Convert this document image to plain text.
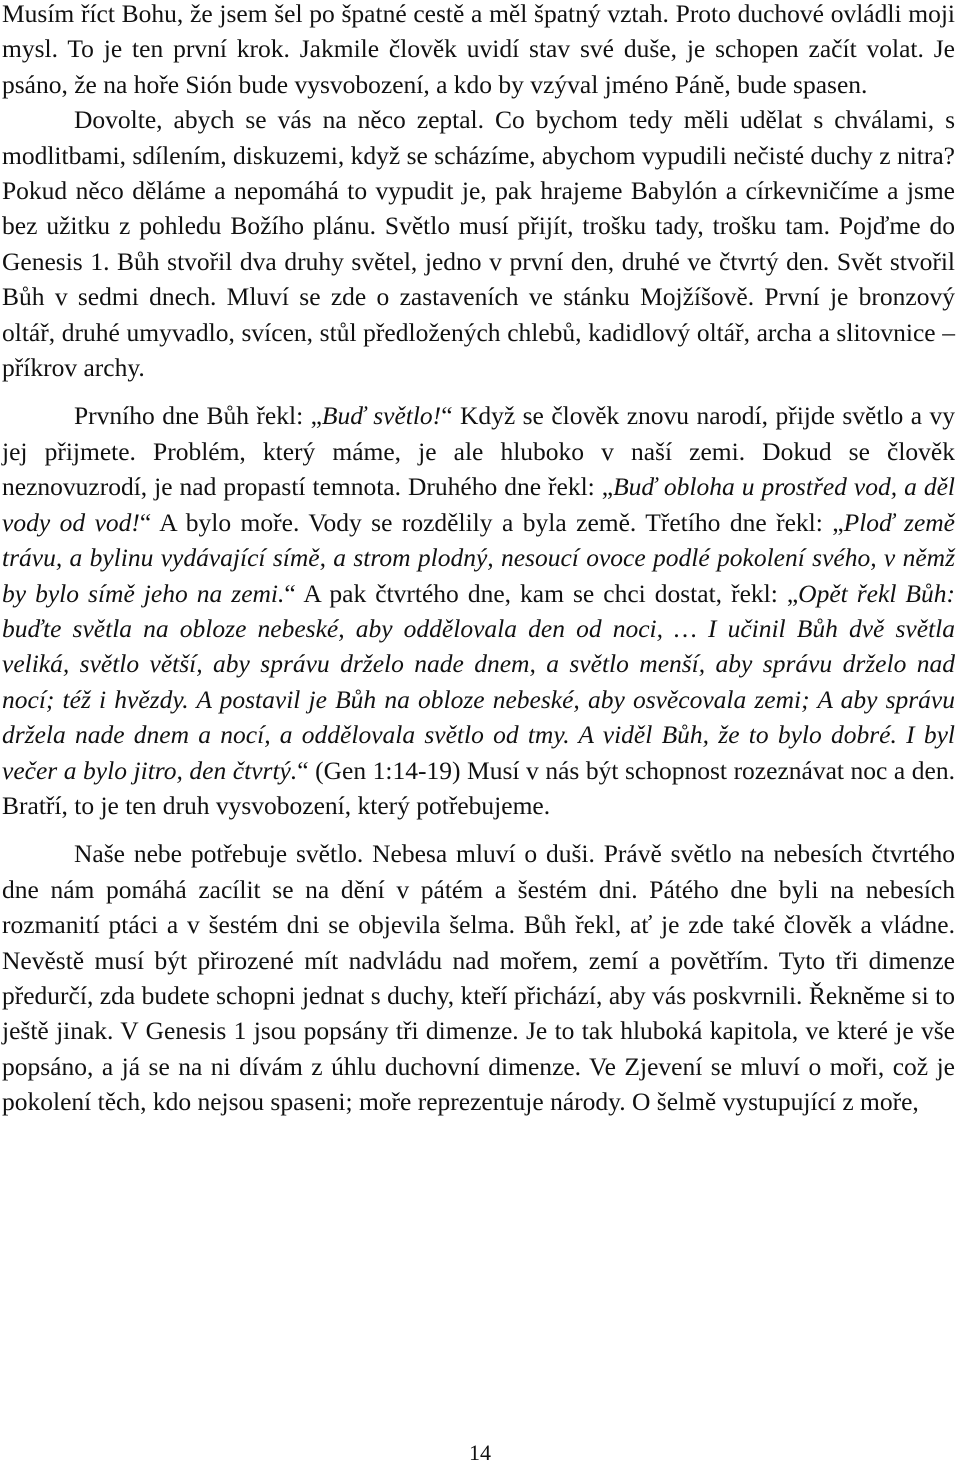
Musím říct Bohu, že jsem šel po špatné cestě a měl špatný vztah. Proto duchové ovládli moji mysl. To je ten první krok. Jakmile člověk uvidí stav své duše, je schopen začít volat. Je psáno, že na hoře Sión bude vysvobození, a kdo by vzýval jméno Páně, bude spasen.

Dovolte, abych se vás na něco zeptal. Co bychom tedy měli udělat s chválami, s modlitbami, sdílením, diskuzemi, když se scházíme, abychom vypudili nečisté duchy z nitra? Pokud něco děláme a nepomáhá to vypudit je, pak hrajeme Babylón a církevničíme a jsme bez užitku z pohledu Božího plánu. Světlo musí přijít, trošku tady, trošku tam. Pojďme do Genesis 1. Bůh stvořil dva druhy světel, jedno v první den, druhé ve čtvrtý den. Svět stvořil Bůh v sedmi dnech. Mluví se zde o zastaveních ve stánku Mojžíšově. První je bronzový oltář, druhé umyvadlo, svícen, stůl předložených chlebů, kadidlový oltář, archa a slitovnice – příkrov archy.

Prvního dne Bůh řekl: „Buď světlo!“ Když se člověk znovu narodí, přijde světlo a vy jej přijmete. Problém, který máme, je ale hluboko v naší zemi. Dokud se člověk neznovuzrodí, je nad propastí temnota. Druhého dne řekl: „Buď obloha u prostřed vod, a děl vody od vod!“ A bylo moře. Vody se rozdělily a byla země. Třetího dne řekl: „Ploď země trávu, a bylinu vydávající símě, a strom plodný, nesoucí ovoce podlé pokolení svého, v němž by bylo símě jeho na zemi.“ A pak čtvrtého dne, kam se chci dostat, řekl: „Opět řekl Bůh: buďte světla na obloze nebeské, aby oddělovala den od noci, … I učinil Bůh dvě světla veliká, světlo větší, aby správu drželo nade dnem, a světlo menší, aby správu drželo nad nocí; též i hvězdy. A postavil je Bůh na obloze nebeské, aby osvěcovala zemi; A aby správu držela nade dnem a nocí, a oddělovala světlo od tmy. A viděl Bůh, že to bylo dobré. I byl večer a bylo jitro, den čtvrtý.“ (Gen 1:14-19) Musí v nás být schopnost rozeznávat noc a den. Bratří, to je ten druh vysvobození, který potřebujeme.

Naše nebe potřebuje světlo. Nebesa mluví o duši. Právě světlo na nebesích čtvrtého dne nám pomáhá zacílit se na dění v pátém a šestém dni. Pátého dne byli na nebesích rozmanití ptáci a v šestém dni se objevila šelma. Bůh řekl, ať je zde také člověk a vládne. Nevěstě musí být přirozené mít nadvládu nad mořem, zemí a povětřím. Tyto tři dimenze předurčí, zda budete schopni jednat s duchy, kteří přichází, aby vás poskvrnili. Řekněme si to ještě jinak. V Genesis 1 jsou popsány tři dimenze. Je to tak hluboká kapitola, ve které je vše popsáno, a já se na ni dívám z úhlu duchovní dimenze. Ve Zjevení se mluví o moři, což je pokolení těch, kdo nejsou spaseni; moře reprezentuje národy. O šelmě vystupující z moře,

14
